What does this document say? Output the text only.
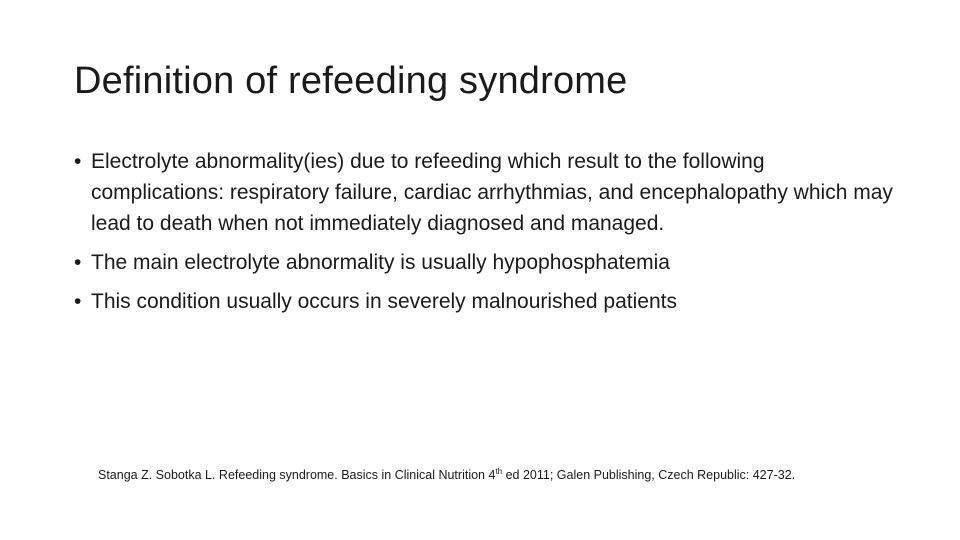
Definition of refeeding syndrome
• Electrolyte abnormality(ies) due to refeeding which result to the following complications: respiratory failure, cardiac arrhythmias, and encephalopathy which may lead to death when not immediately diagnosed and managed.
• The main electrolyte abnormality is usually hypophosphatemia
• This condition usually occurs in severely malnourished patients
Stanga Z. Sobotka L. Refeeding syndrome. Basics in Clinical Nutrition 4th ed 2011; Galen Publishing, Czech Republic: 427-32.
